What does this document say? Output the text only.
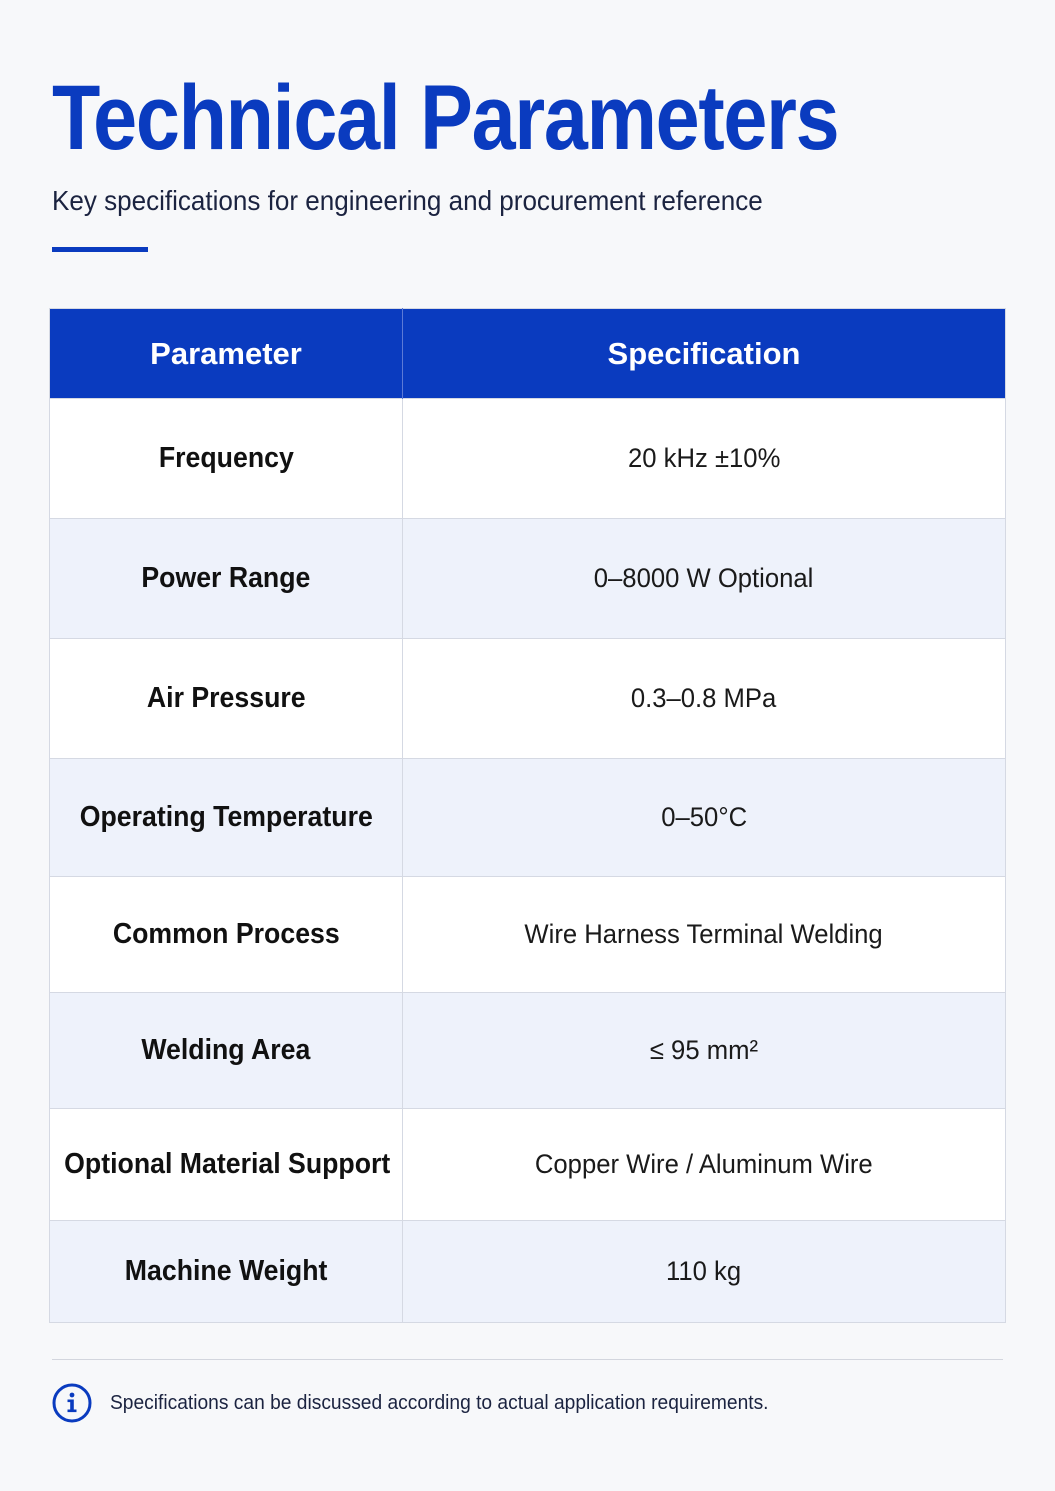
Technical Parameters

Key specifications for engineering and procurement reference

Parameter	Specification
Frequency	20 kHz ±10%
Power Range	0–8000 W Optional
Air Pressure	0.3–0.8 MPa
Operating Temperature	0–50°C
Common Process	Wire Harness Terminal Welding
Welding Area	≤ 95 mm²
Optional Material Support	Copper Wire / Aluminum Wire
Machine Weight	110 kg

Specifications can be discussed according to actual application requirements.
